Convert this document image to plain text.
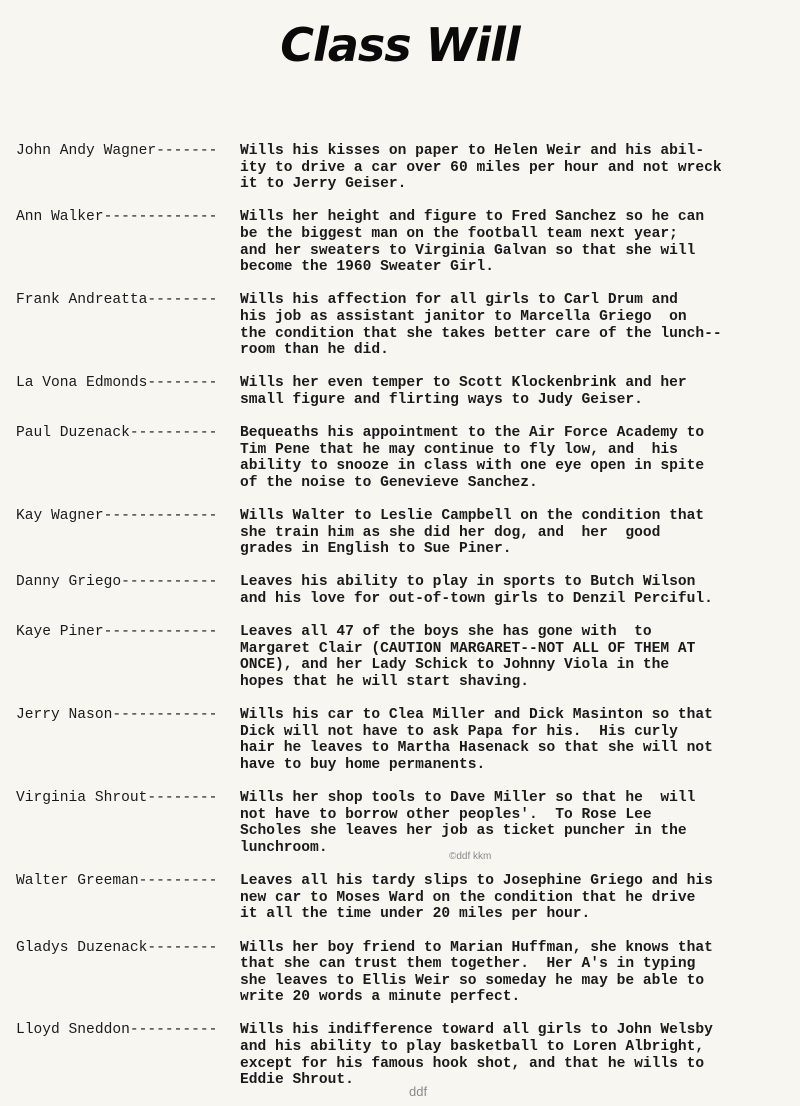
Class Will
John Andy Wagner-------	Wills his kisses on paper to Helen Weir and his abil-
ity to drive a car over 60 miles per hour and not wreck
it to Jerry Geiser.
Ann Walker-------------	Wills her height and figure to Fred Sanchez so he can
be the biggest man on the football team next year;
and her sweaters to Virginia Galvan so that she will
become the 1960 Sweater Girl.
Frank Andreatta--------	Wills his affection for all girls to Carl Drum and
his job as assistant janitor to Marcella Griego  on
the condition that she takes better care of the lunch--
room than he did.
La Vona Edmonds--------	Wills her even temper to Scott Klockenbrink and her
small figure and flirting ways to Judy Geiser.
Paul Duzenack----------	Bequeaths his appointment to the Air Force Academy to
Tim Pene that he may continue to fly low, and  his
ability to snooze in class with one eye open in spite
of the noise to Genevieve Sanchez.
Kay Wagner-------------	Wills Walter to Leslie Campbell on the condition that
she train him as she did her dog, and  her  good
grades in English to Sue Piner.
Danny Griego-----------	Leaves his ability to play in sports to Butch Wilson
and his love for out-of-town girls to Denzil Perciful.
Kaye Piner-------------	Leaves all 47 of the boys she has gone with  to
Margaret Clair (CAUTION MARGARET--NOT ALL OF THEM AT
ONCE), and her Lady Schick to Johnny Viola in the
hopes that he will start shaving.
Jerry Nason------------	Wills his car to Clea Miller and Dick Masinton so that
Dick will not have to ask Papa for his.  His curly
hair he leaves to Martha Hasenack so that she will not
have to buy home permanents.
Virginia Shrout--------	Wills her shop tools to Dave Miller so that he  will
not have to borrow other peoples'.  To Rose Lee
Scholes she leaves her job as ticket puncher in the
lunchroom.
Walter Greeman---------	Leaves all his tardy slips to Josephine Griego and his
new car to Moses Ward on the condition that he drive
it all the time under 20 miles per hour.
Gladys Duzenack--------	Wills her boy friend to Marian Huffman, she knows that
that she can trust them together.  Her A's in typing
she leaves to Ellis Weir so someday he may be able to
write 20 words a minute perfect.
Lloyd Sneddon----------	Wills his indifference toward all girls to John Welsby
and his ability to play basketball to Loren Albright,
except for his famous hook shot, and that he wills to
Eddie Shrout.
©ddf kkm
ddf
